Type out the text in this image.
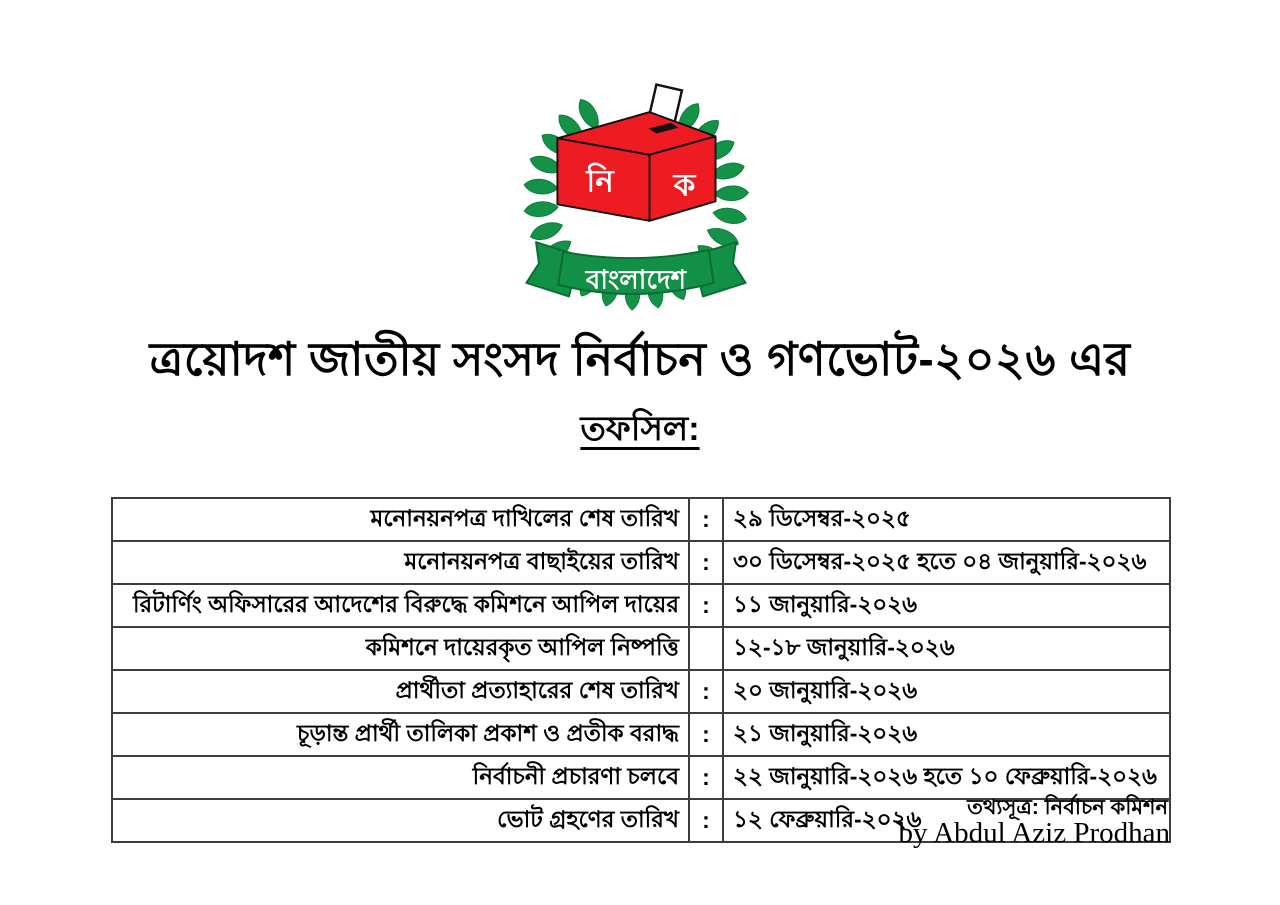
নি ক
বাংলাদেশ
ত্রয়োদশ জাতীয় সংসদ নির্বাচন ও গণভোট-২০২৬ এর
তফসিল:
মনোনয়নপত্র দাখিলের শেষ তারিখ	:	২৯ ডিসেম্বর-২০২৫
মনোনয়নপত্র বাছাইয়ের তারিখ	:	৩০ ডিসেম্বর-২০২৫ হতে ০৪ জানুয়ারি-২০২৬
রিটার্ণিং অফিসারের আদেশের বিরুদ্ধে কমিশনে আপিল দায়ের	:	১১ জানুয়ারি-২০২৬
কমিশনে দায়েরকৃত আপিল নিষ্পত্তি		১২-১৮ জানুয়ারি-২০২৬
প্রার্থীতা প্রত্যাহারের শেষ তারিখ	:	২০ জানুয়ারি-২০২৬
চূড়ান্ত প্রার্থী তালিকা প্রকাশ ও প্রতীক বরাদ্ধ	:	২১ জানুয়ারি-২০২৬
নির্বাচনী প্রচারণা চলবে	:	২২ জানুয়ারি-২০২৬ হতে ১০ ফেব্রুয়ারি-২০২৬
ভোট গ্রহণের তারিখ	:	১২ ফেব্রুয়ারি-২০২৬ তথ্যসূত্র: নির্বাচন কমিশন
by Abdul Aziz Prodhan
